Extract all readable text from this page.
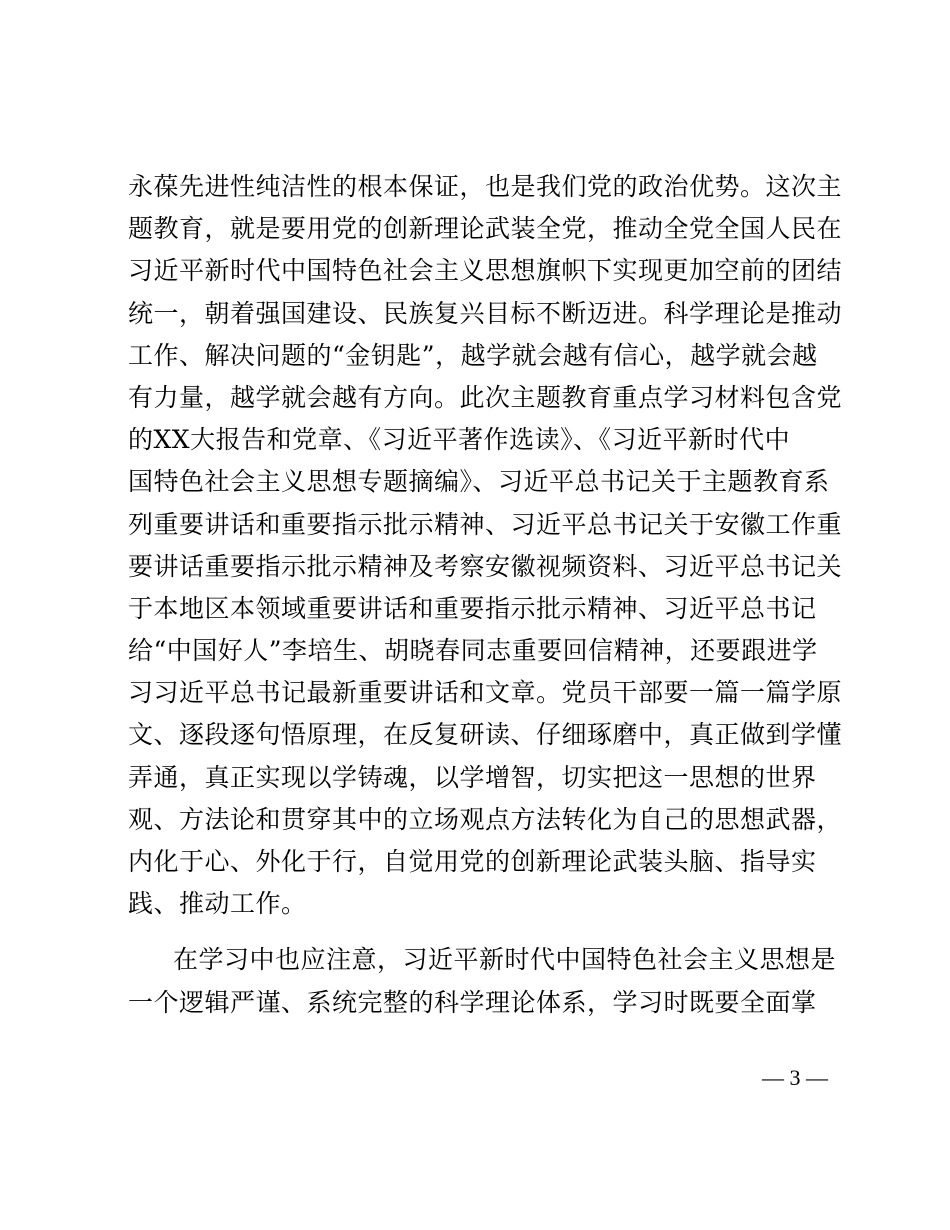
永葆先进性纯洁性的根本保证，也是我们党的政治优势。这次主
题教育，就是要用党的创新理论武装全党，推动全党全国人民在
习近平新时代中国特色社会主义思想旗帜下实现更加空前的团结
统一，朝着强国建设、民族复兴目标不断迈进。科学理论是推动
工作、解决问题的“金钥匙”，越学就会越有信心，越学就会越
有力量，越学就会越有方向。此次主题教育重点学习材料包含党
的XX大报告和党章、《习近平著作选读》、《习近平新时代中
国特色社会主义思想专题摘编》、习近平总书记关于主题教育系
列重要讲话和重要指示批示精神、习近平总书记关于安徽工作重
要讲话重要指示批示精神及考察安徽视频资料、习近平总书记关
于本地区本领域重要讲话和重要指示批示精神、习近平总书记
给“中国好人”李培生、胡晓春同志重要回信精神，还要跟进学
习习近平总书记最新重要讲话和文章。党员干部要一篇一篇学原
文、逐段逐句悟原理，在反复研读、仔细琢磨中，真正做到学懂
弄通，真正实现以学铸魂，以学增智，切实把这一思想的世界
观、方法论和贯穿其中的立场观点方法转化为自己的思想武器，
内化于心、外化于行，自觉用党的创新理论武装头脑、指导实
践、推动工作。
在学习中也应注意，习近平新时代中国特色社会主义思想是
一个逻辑严谨、系统完整的科学理论体系，学习时既要全面掌
— 3 —
